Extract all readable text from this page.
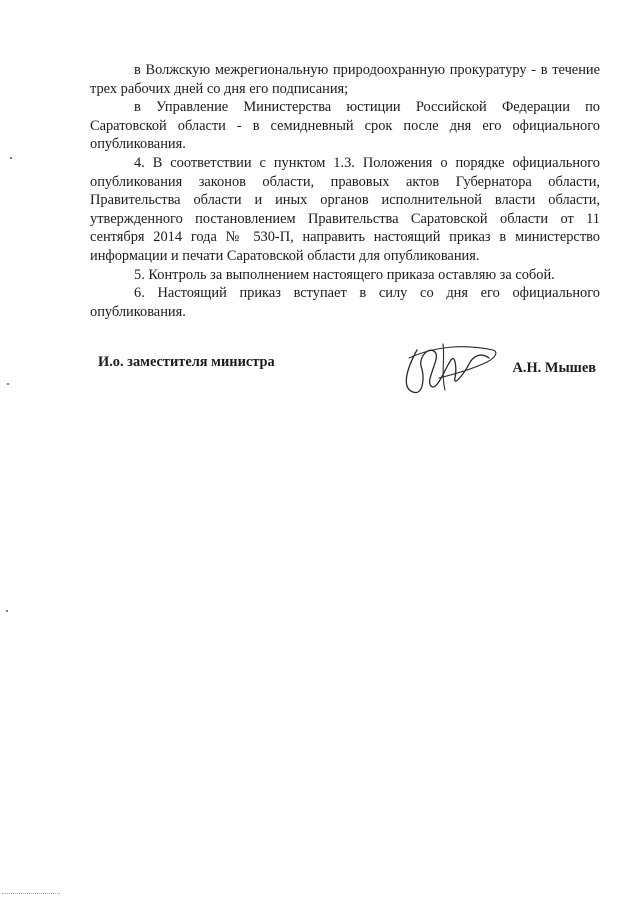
в Волжскую межрегиональную природоохранную прокуратуру - в течение трех рабочих дней со дня его подписания;

в Управление Министерства юстиции Российской Федерации по Саратовской области - в семидневный срок после дня его официального опубликования.

4. В соответствии с пунктом 1.3. Положения о порядке официального опубликования законов области, правовых актов Губернатора области, Правительства области и иных органов исполнительной власти области, утвержденного постановлением Правительства Саратовской области от 11 сентября 2014 года № 530-П, направить настоящий приказ в министерство информации и печати Саратовской области для опубликования.

5. Контроль за выполнением настоящего приказа оставляю за собой.

6. Настоящий приказ вступает в силу со дня его официального опубликования.

И.о. заместителя министра	А.Н. Мышев
